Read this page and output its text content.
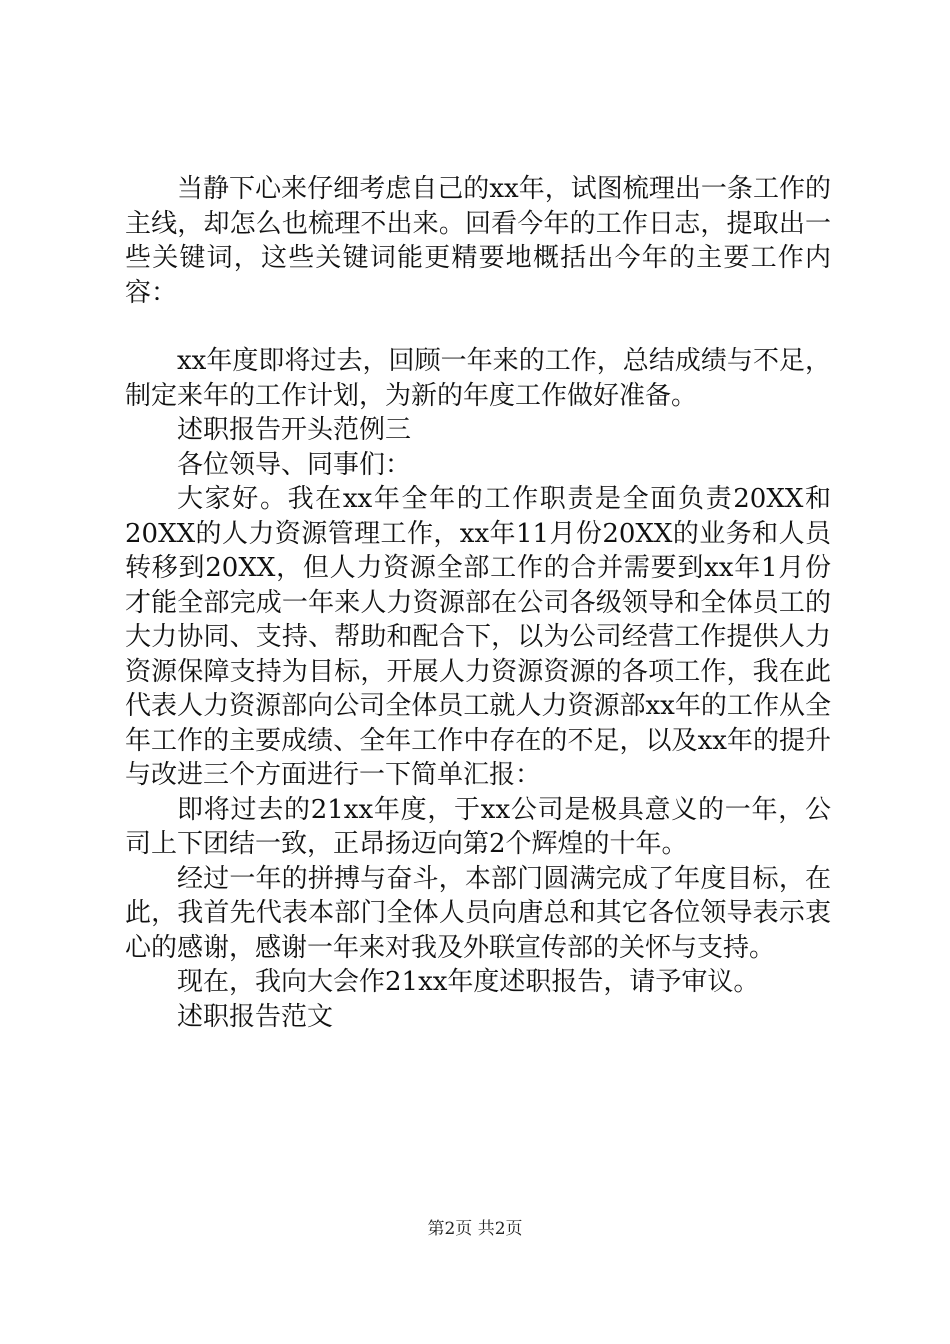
当静下心来仔细考虑自己的xx年，试图梳理出一条工作的主线，却怎么也梳理不出来。回看今年的工作日志，提取出一些关键词，这些关键词能更精要地概括出今年的主要工作内容：

xx年度即将过去，回顾一年来的工作，总结成绩与不足，制定来年的工作计划，为新的年度工作做好准备。

述职报告开头范例三

各位领导、同事们：

大家好。我在xx年全年的工作职责是全面负责20XX和20XX的人力资源管理工作，xx年11月份20XX的业务和人员转移到20XX，但人力资源全部工作的合并需要到xx年1月份才能全部完成一年来人力资源部在公司各级领导和全体员工的大力协同、支持、帮助和配合下，以为公司经营工作提供人力资源保障支持为目标，开展人力资源资源的各项工作，我在此代表人力资源部向公司全体员工就人力资源部xx年的工作从全年工作的主要成绩、全年工作中存在的不足，以及xx年的提升与改进三个方面进行一下简单汇报：

即将过去的21xx年度，于xx公司是极具意义的一年，公司上下团结一致，正昂扬迈向第2个辉煌的十年。

经过一年的拼搏与奋斗，本部门圆满完成了年度目标，在此，我首先代表本部门全体人员向唐总和其它各位领导表示衷心的感谢，感谢一年来对我及外联宣传部的关怀与支持。

现在，我向大会作21xx年度述职报告，请予审议。

述职报告范文

第2页 共2页
